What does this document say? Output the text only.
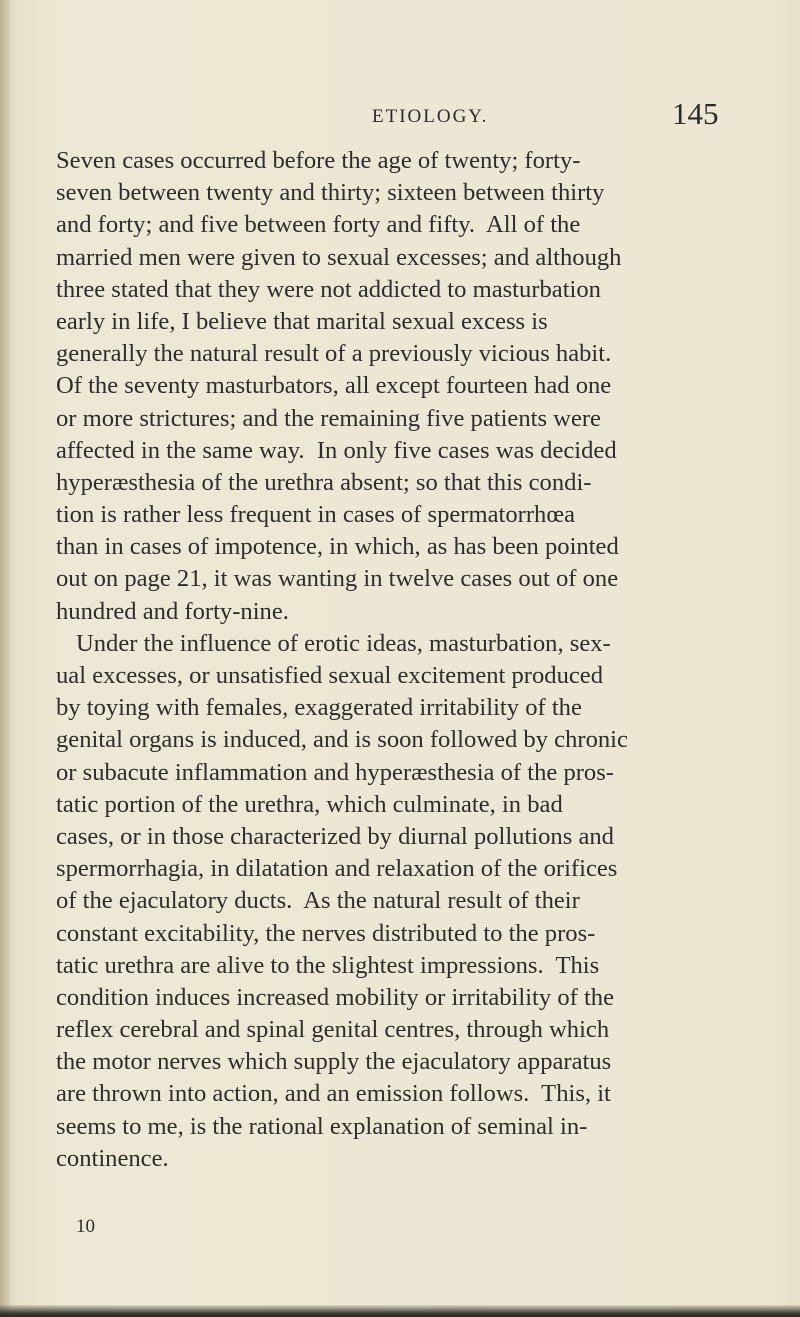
ETIOLOGY.	145
Seven cases occurred before the age of twenty; forty-
seven between twenty and thirty; sixteen between thirty
and forty; and five between forty and fifty.  All of the
married men were given to sexual excesses; and although
three stated that they were not addicted to masturbation
early in life, I believe that marital sexual excess is
generally the natural result of a previously vicious habit.
Of the seventy masturbators, all except fourteen had one
or more strictures; and the remaining five patients were
affected in the same way.  In only five cases was decided
hyperæsthesia of the urethra absent; so that this condi-
tion is rather less frequent in cases of spermatorrhœa
than in cases of impotence, in which, as has been pointed
out on page 21, it was wanting in twelve cases out of one
hundred and forty-nine.
Under the influence of erotic ideas, masturbation, sex-
ual excesses, or unsatisfied sexual excitement produced
by toying with females, exaggerated irritability of the
genital organs is induced, and is soon followed by chronic
or subacute inflammation and hyperæsthesia of the pros-
tatic portion of the urethra, which culminate, in bad
cases, or in those characterized by diurnal pollutions and
spermorrhagia, in dilatation and relaxation of the orifices
of the ejaculatory ducts.  As the natural result of their
constant excitability, the nerves distributed to the pros-
tatic urethra are alive to the slightest impressions.  This
condition induces increased mobility or irritability of the
reflex cerebral and spinal genital centres, through which
the motor nerves which supply the ejaculatory apparatus
are thrown into action, and an emission follows.  This, it
seems to me, is the rational explanation of seminal in-
continence.
10
